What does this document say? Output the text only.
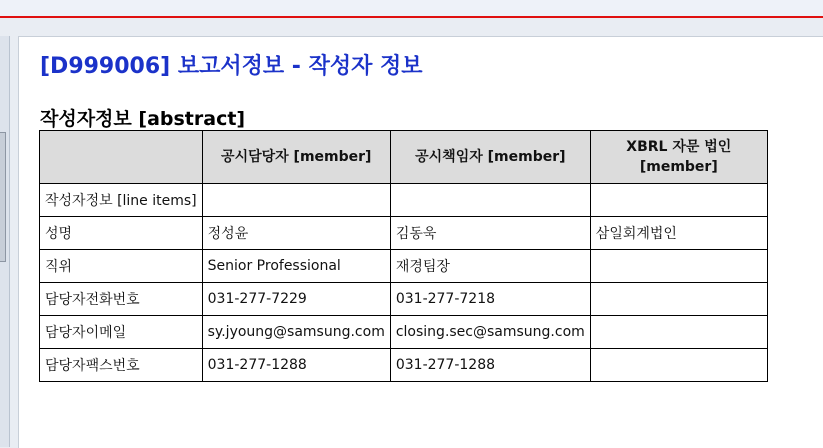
[D999006] 보고서정보 - 작성자 정보
작성자정보 [abstract]
	공시담당자 [member]	공시책임자 [member]	XBRL 자문 법인 [member]
작성자정보 [line items]			
성명	정성윤	김동욱	삼일회계법인
직위	Senior Professional	재경팀장	
담당자전화번호	031-277-7229	031-277-7218	
담당자이메일	sy.jyoung@samsung.com	closing.sec@samsung.com	
담당자팩스번호	031-277-1288	031-277-1288	
